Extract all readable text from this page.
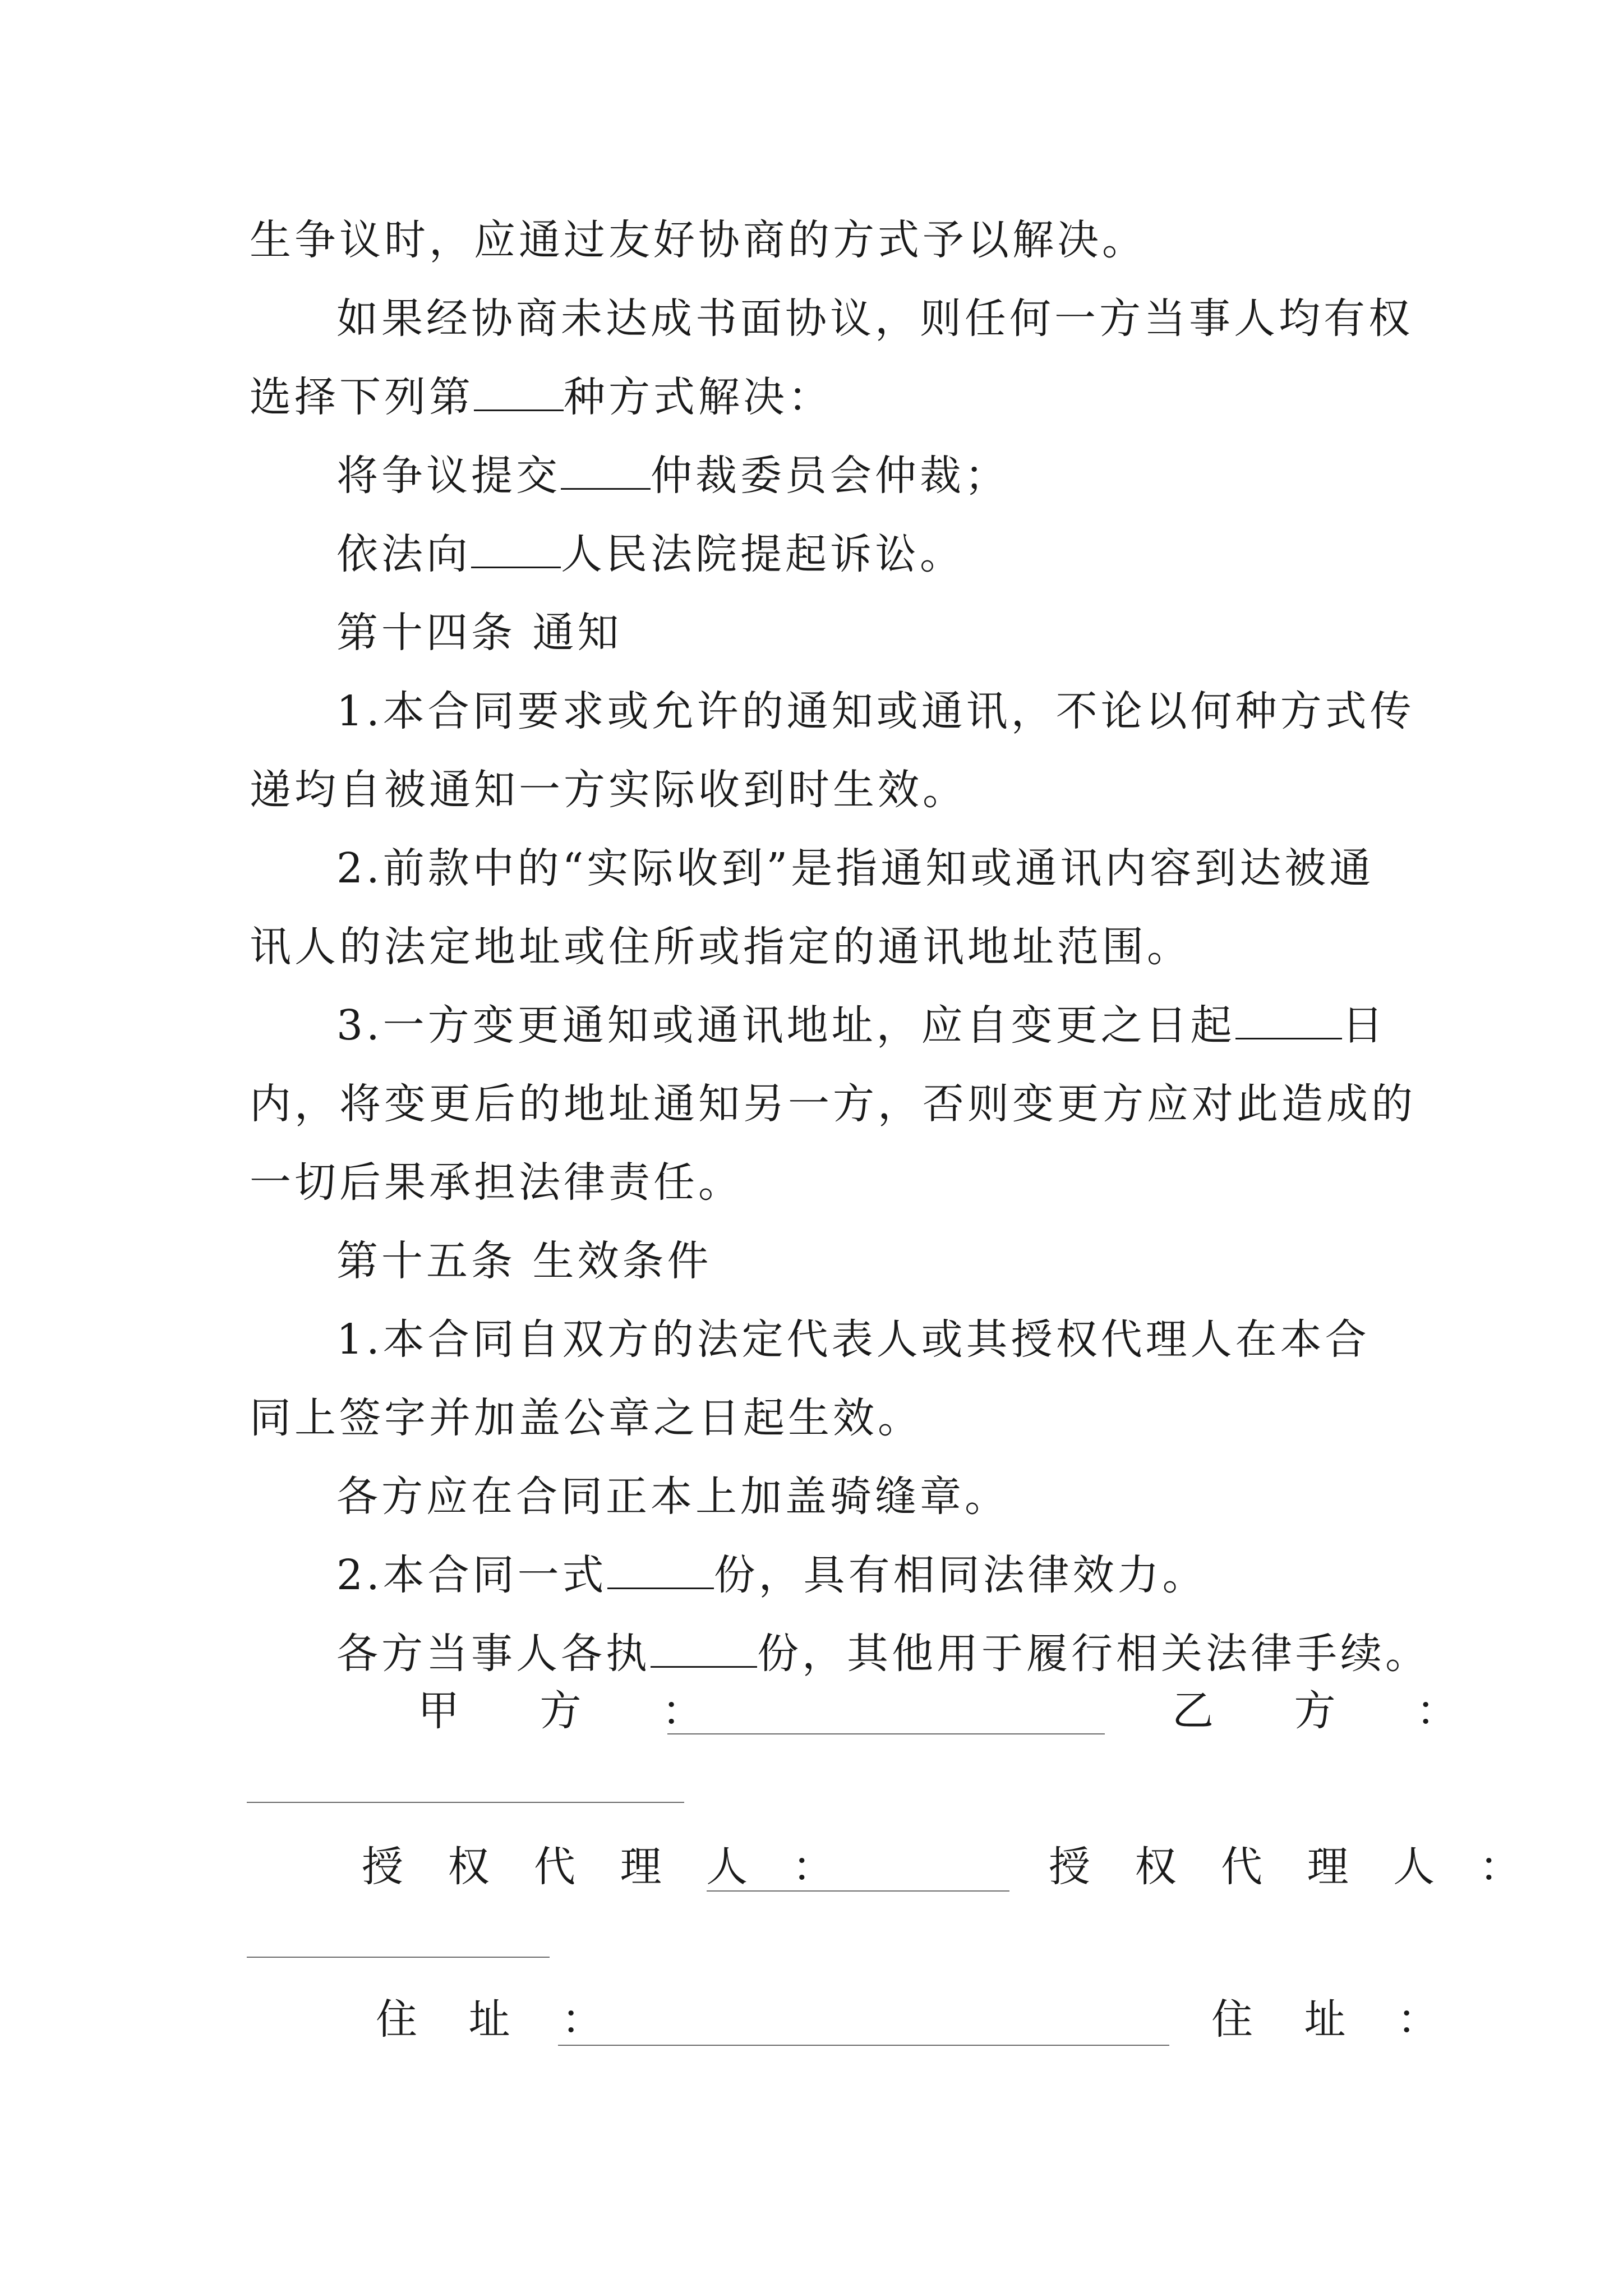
生争议时，应通过友好协商的方式予以解决。
如果经协商未达成书面协议，则任何一方当事人均有权
选择下列第 种方式解决：
将争议提交 仲裁委员会仲裁；
依法向 人民法院提起诉讼。
第十四条 通知
1.本合同要求或允许的通知或通讯，不论以何种方式传
递均自被通知一方实际收到时生效。
2.前款中的“实际收到”是指通知或通讯内容到达被通
讯人的法定地址或住所或指定的通讯地址范围。
3.一方变更通知或通讯地址，应自变更之日起	日
内，将变更后的地址通知另一方，否则变更方应对此造成的
一切后果承担法律责任。
第十五条 生效条件
1.本合同自双方的法定代表人或其授权代理人在本合
同上签字并加盖公章之日起生效。
各方应在合同正本上加盖骑缝章。
2.本合同一式	份，具有相同法律效力。
各方当事人各执	份，其他用于履行相关法律手续。
甲 方 ：	乙 方 ：
授 权 代 理 人 ：	授 权 代 理 人 ：
住 址 ：	住 址 ：
